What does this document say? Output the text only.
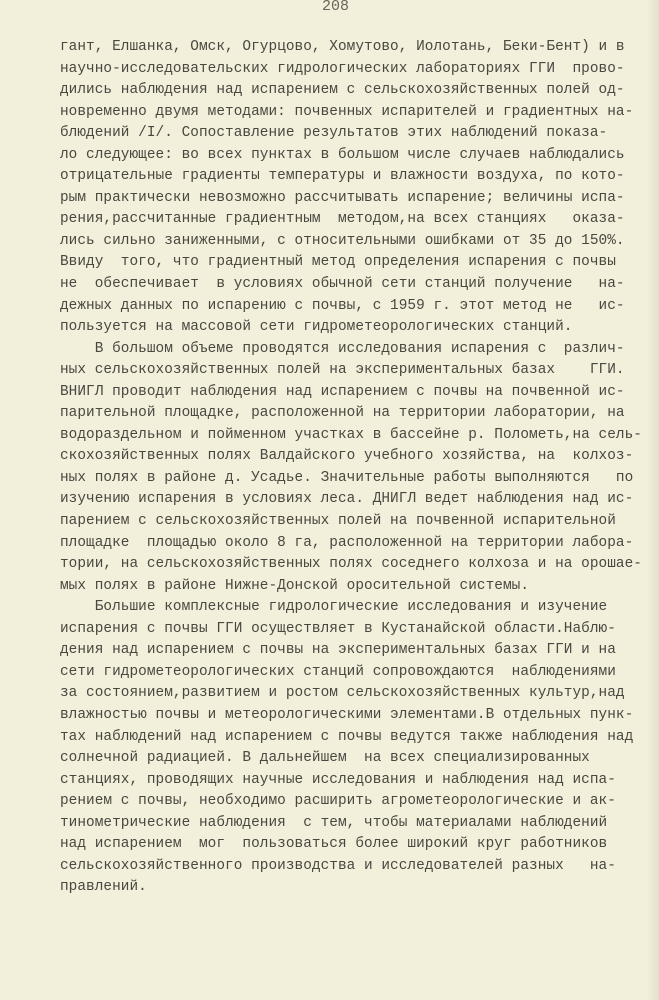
208
гант, Елшанка, Омск, Огурцово, Хомутово, Иолотань, Беки-Бент) и в
научно-исследовательских гидрологических лабораториях ГГИ  прово-
дились наблюдения над испарением с сельскохозяйственных полей од-
новременно двумя методами: почвенных испарителей и градиентных на-
блюдений /I/. Сопоставление результатов этих наблюдений показа-
ло следующее: во всех пунктах в большом числе случаев наблюдались
отрицательные градиенты температуры и влажности воздуха, по кото-
рым практически невозможно рассчитывать испарение; величины испа-
рения,рассчитанные градиентным  методом,на всех станциях   оказа-
лись сильно заниженными, с относительными ошибками от 35 до 150%.
Ввиду  того, что градиентный метод определения испарения с почвы
не  обеспечивает  в условиях обычной сети станций получение   на-
дежных данных по испарению с почвы, с 1959 г. этот метод не   ис-
пользуется на массовой сети гидрометеорологических станций.
В большом объеме проводятся исследования испарения с  различ-
ных сельскохозяйственных полей на экспериментальных базах    ГГИ.
ВНИГЛ проводит наблюдения над испарением с почвы на почвенной ис-
парительной площадке, расположенной на территории лаборатории, на
водораздельном и пойменном участках в бассейне р. Полометь,на сель-
скохозяйственных полях Валдайского учебного хозяйства, на  колхоз-
ных полях в районе д. Усадье. Значительные работы выполняются   по
изучению испарения в условиях леса. ДНИГЛ ведет наблюдения над ис-
парением с сельскохозяйственных полей на почвенной испарительной
площадке  площадью около 8 га, расположенной на территории лабора-
тории, на сельскохозяйственных полях соседнего колхоза и на орошае-
мых полях в районе Нижне-Донской оросительной системы.
Большие комплексные гидрологические исследования и изучение
испарения с почвы ГГИ осуществляет в Кустанайской области.Наблю-
дения над испарением с почвы на экспериментальных базах ГГИ и на
сети гидрометеорологических станций сопровождаются  наблюдениями
за состоянием,развитием и ростом сельскохозяйственных культур,над
влажностью почвы и метеорологическими элементами.В отдельных пунк-
тах наблюдений над испарением с почвы ведутся также наблюдения над
солнечной радиацией. В дальнейшем  на всех специализированных
станциях, проводящих научные исследования и наблюдения над испа-
рением с почвы, необходимо расширить агрометеорологические и ак-
тинометрические наблюдения  с тем, чтобы материалами наблюдений
над испарением  мог  пользоваться более широкий круг работников
сельскохозяйственного производства и исследователей разных   на-
правлений.
